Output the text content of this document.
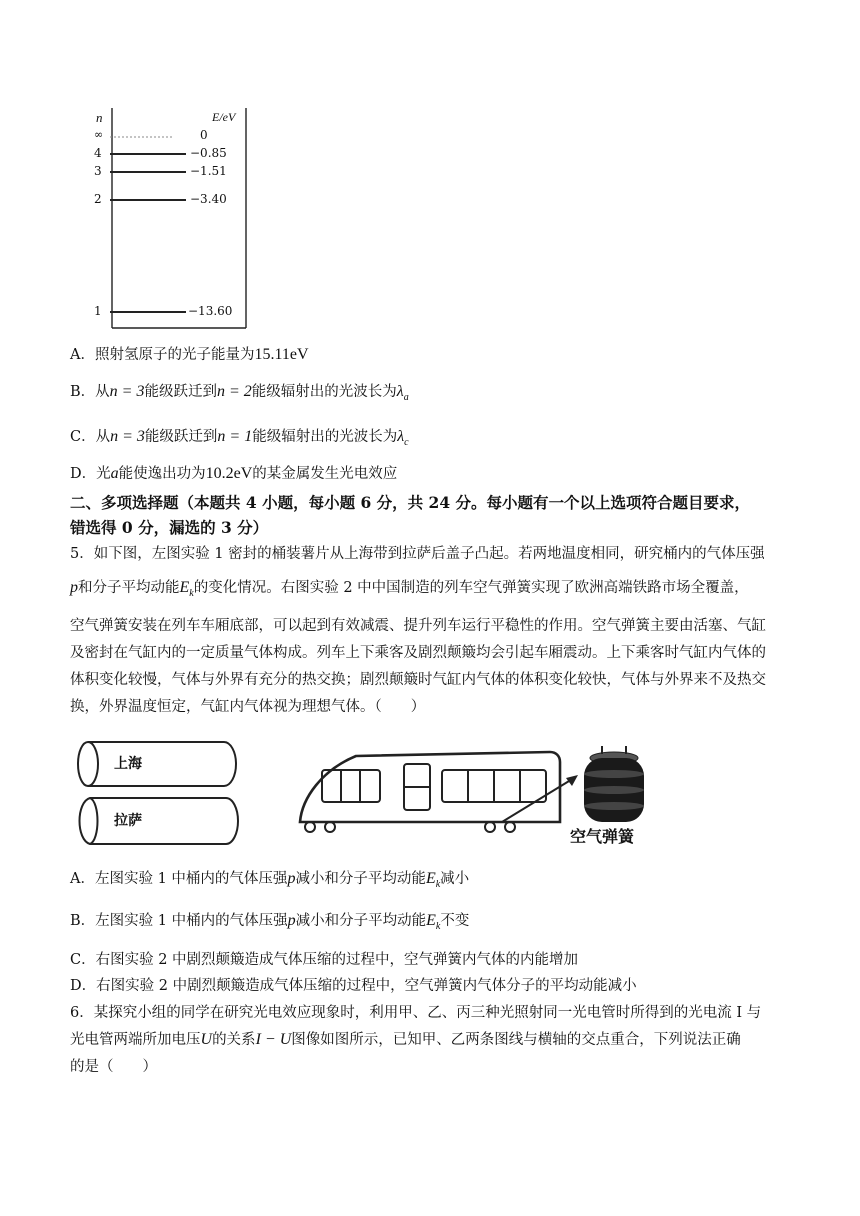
n	E/eV
∞	0
4	−0.85
3	−1.51
2	−3.40
1	−13.60
A．照射氢原子的光子能量为15.11eV
B．从n = 3能级跃迁到n = 2能级辐射出的光波长为$\lambda_a$
C．从n = 3能级跃迁到n = 1能级辐射出的光波长为$\lambda_c$
D．光a能使逸出功为10.2eV的某金属发生光电效应
二、多项选择题（本题共 4 小题，每小题 6 分，共 24 分。每小题有一个以上选项符合题目要求，
错选得 0 分，漏选的 3 分）
5．如下图，左图实验 1 密封的桶装薯片从上海带到拉萨后盖子凸起。若两地温度相同，研究桶内的气体压强
p和分子平均动能$E_k$的变化情况。右图实验 2 中中国制造的列车空气弹簧实现了欧洲高端铁路市场全覆盖，
空气弹簧安装在列车车厢底部，可以起到有效减震、提升列车运行平稳性的作用。空气弹簧主要由活塞、气缸
及密封在气缸内的一定质量气体构成。列车上下乘客及剧烈颠簸均会引起车厢震动。上下乘客时气缸内气体的
体积变化较慢，气体与外界有充分的热交换；剧烈颠簸时气缸内气体的体积变化较快，气体与外界来不及热交
换，外界温度恒定，气缸内气体视为理想气体。（　　）
上海
拉萨
空气弹簧
A．左图实验 1 中桶内的气体压强p减小和分子平均动能$E_k$减小
B．左图实验 1 中桶内的气体压强p减小和分子平均动能$E_k$不变
C．右图实验 2 中剧烈颠簸造成气体压缩的过程中，空气弹簧内气体的内能增加
D．右图实验 2 中剧烈颠簸造成气体压缩的过程中，空气弹簧内气体分子的平均动能减小
6．某探究小组的同学在研究光电效应现象时，利用甲、乙、丙三种光照射同一光电管时所得到的光电流 I 与
光电管两端所加电压U的关系I − U图像如图所示，已知甲、乙两条图线与横轴的交点重合，下列说法正确
的是（　　）
